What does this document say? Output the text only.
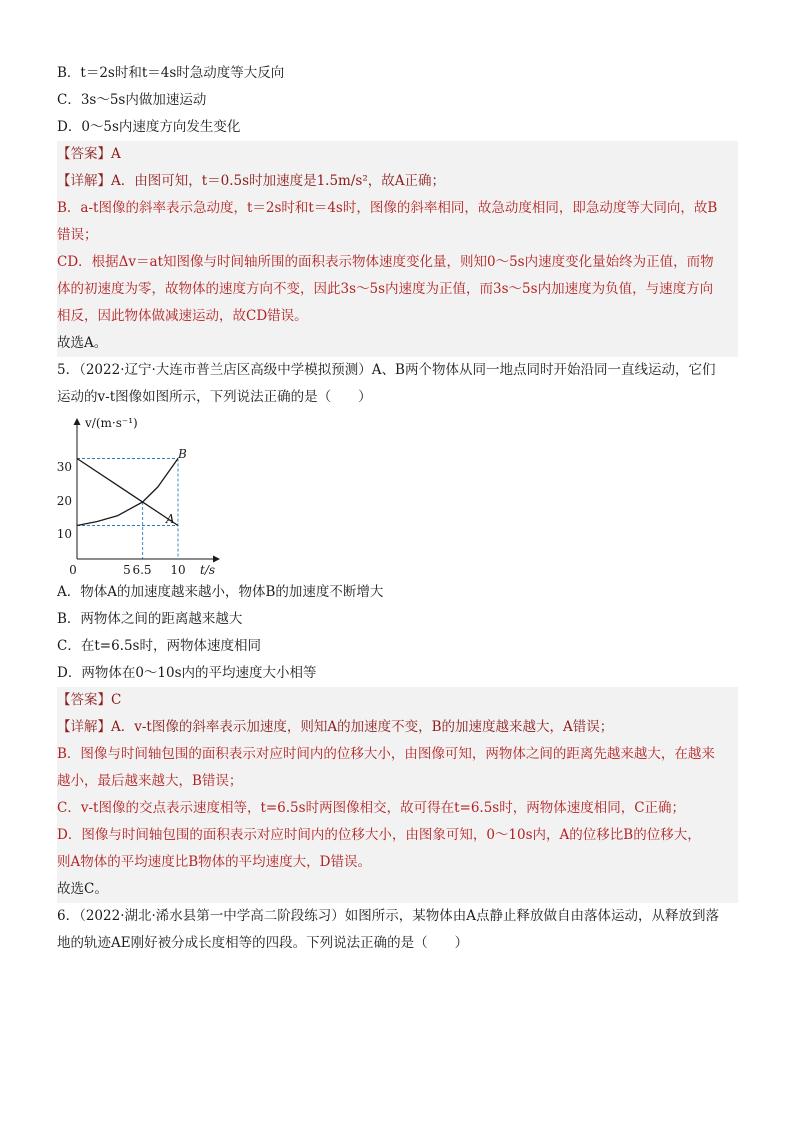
B．t＝2s时和t＝4s时急动度等大反向

C．3s～5s内做加速运动

D．0～5s内速度方向发生变化

【答案】A

【详解】A．由图可知，t＝0.5s时加速度是1.5m/s²，故A正确；

B．a-t图像的斜率表示急动度，t＝2s时和t＝4s时，图像的斜率相同，故急动度相同，即急动度等大同向，故B

错误；

CD．根据Δv＝at知图像与时间轴所围的面积表示物体速度变化量，则知0～5s内速度变化量始终为正值，而物

体的初速度为零，故物体的速度方向不变，因此3s～5s内速度为正值，而3s～5s内加速度为负值，与速度方向

相反，因此物体做减速运动，故CD错误。

故选A。

5．（2022·辽宁·大连市普兰店区高级中学模拟预测）A、B两个物体从同一地点同时开始沿同一直线运动，它们

运动的v-t图像如图所示，下列说法正确的是（　　）

v/(m·s⁻¹)
t/s
0
30
20
10
5 6.5 10
B
A

A．物体A的加速度越来越小，物体B的加速度不断增大

B．两物体之间的距离越来越大

C．在t=6.5s时，两物体速度相同

D．两物体在0～10s内的平均速度大小相等

【答案】C

【详解】A．v-t图像的斜率表示加速度，则知A的加速度不变，B的加速度越来越大，A错误；

B．图像与时间轴包围的面积表示对应时间内的位移大小，由图像可知，两物体之间的距离先越来越大，在越来

越小，最后越来越大，B错误；

C．v-t图像的交点表示速度相等，t=6.5s时两图像相交，故可得在t=6.5s时，两物体速度相同，C正确；

D．图像与时间轴包围的面积表示对应时间内的位移大小，由图象可知，0～10s内，A的位移比B的位移大，

则A物体的平均速度比B物体的平均速度大，D错误。

故选C。

6．（2022·湖北·浠水县第一中学高二阶段练习）如图所示，某物体由A点静止释放做自由落体运动，从释放到落

地的轨迹AE刚好被分成长度相等的四段。下列说法正确的是（　　）
